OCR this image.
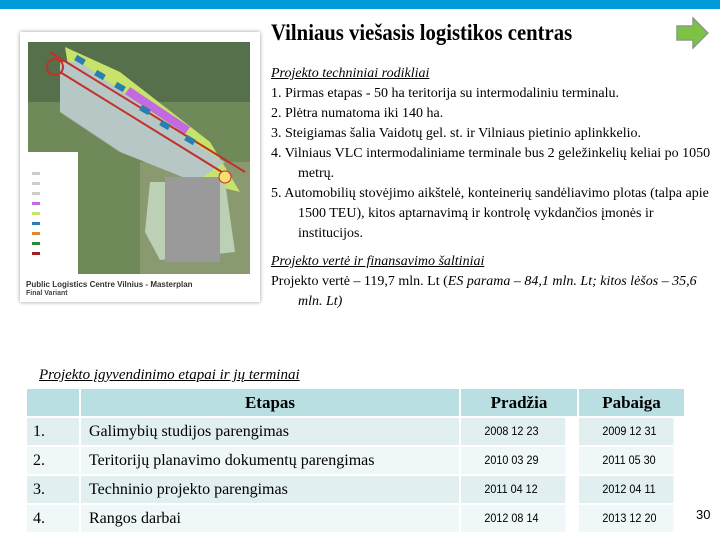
Vilniaus viešasis logistikos centras
Public Logistics Centre Vilnius - Masterplan
Final Variant

Projekto techniniai rodikliai

1. Pirmas etapas - 50 ha teritorija su intermodaliniu terminalu.

2. Plėtra numatoma iki 140 ha.

3. Steigiamas šalia Vaidotų gel. st. ir Vilniaus pietinio aplinkkelio.

4. Vilniaus VLC intermodaliniame terminale bus 2 geležinkelių keliai po 1050 metrų.

5. Automobilių stovėjimo aikštelė, konteinerių sandėliavimo plotas (talpa apie 1500 TEU), kitos aptarnavimą ir kontrolę vykdančios įmonės ir institucijos.

Projekto vertė ir finansavimo šaltiniai

Projekto vertė – 119,7 mln. Lt (ES parama – 84,1 mln. Lt; kitos lėšos – 35,6 mln. Lt)

Projekto įgyvendinimo etapai ir jų terminai
	Etapas	Pradžia	Pabaiga
1.	Galimybių studijos parengimas	2008 12 23	2009 12 31
2.	Teritorijų planavimo dokumentų parengimas	2010 03 29	2011 05 30
3.	Techninio projekto parengimas	2011 04 12	2012 04 11
4.	Rangos darbai	2012 08 14	2013 12 20	30
